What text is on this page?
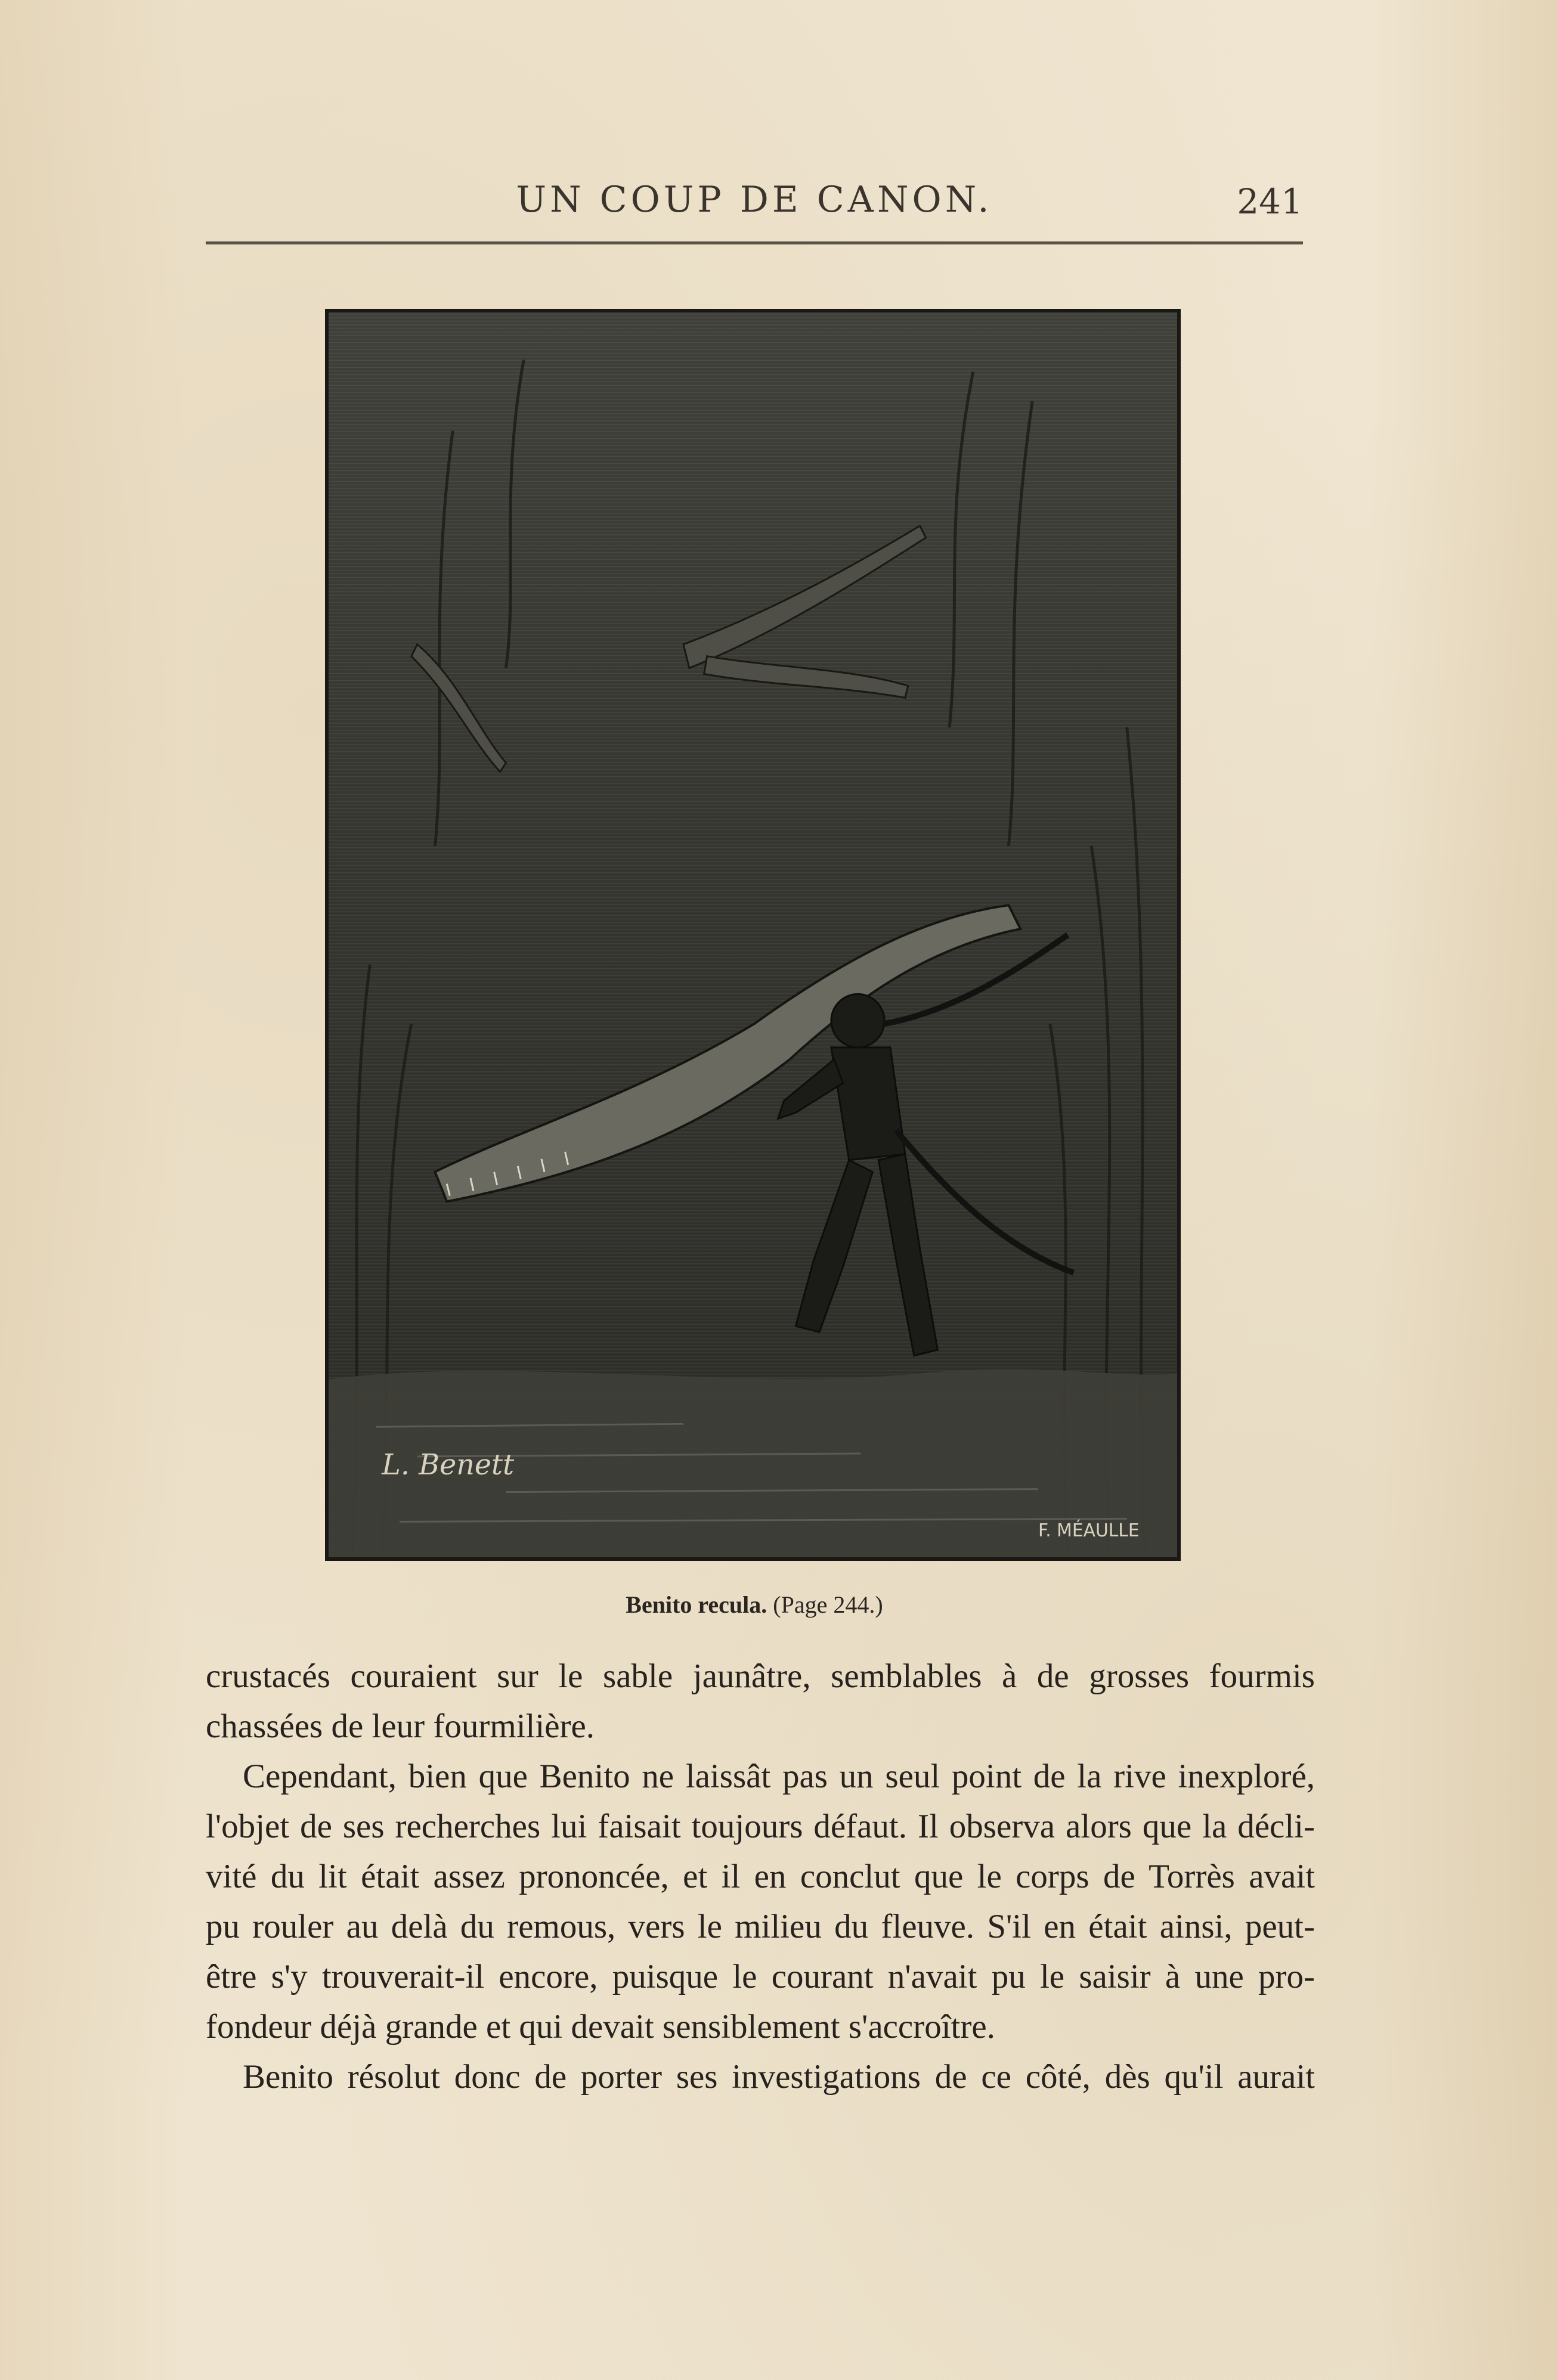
UN COUP DE CANON.	241
L. Benett
F. MÉAULLE
Benito recula. (Page 244.)
crustacés couraient sur le sable jaunâtre, semblables à de grosses fourmis
chassées de leur fourmilière.
Cependant, bien que Benito ne laissât pas un seul point de la rive inexploré,
l'objet de ses recherches lui faisait toujours défaut. Il observa alors que la décli-
vité du lit était assez prononcée, et il en conclut que le corps de Torrès avait
pu rouler au delà du remous, vers le milieu du fleuve. S'il en était ainsi, peut-
être s'y trouverait-il encore, puisque le courant n'avait pu le saisir à une pro-
fondeur déjà grande et qui devait sensiblement s'accroître.
Benito résolut donc de porter ses investigations de ce côté, dès qu'il aurait
